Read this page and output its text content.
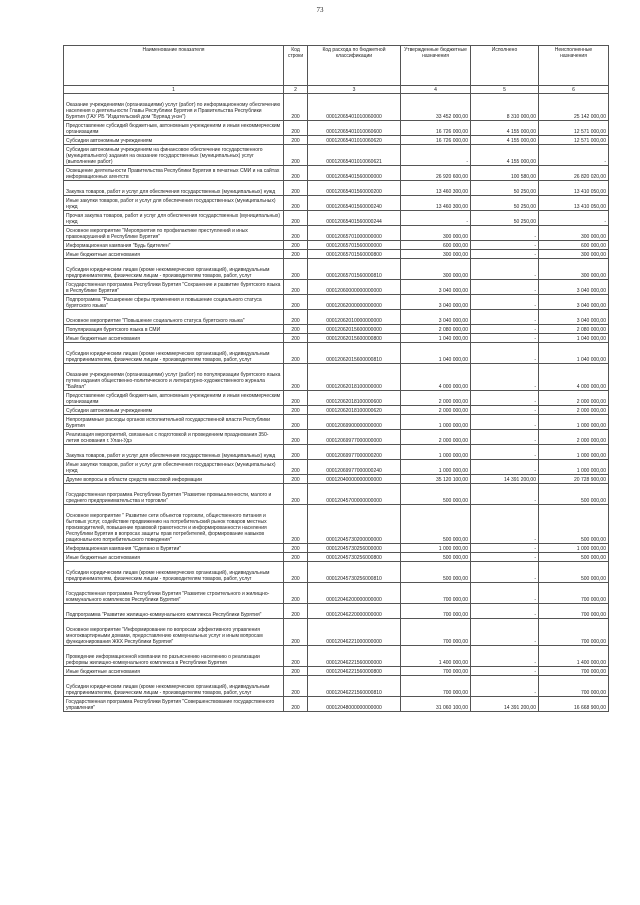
73
Наименование показателя	Код строки	Код расхода по бюджетной классификации	Утвержденные бюджетные назначения	Исполнено	Неисполненные назначения
1	2	3	4	5	6
Оказание учреждениями (организациями) услуг (работ) по информационному обеспечению населения о деятельности Главы Республики Бурятия и Правительства Республики Бурятия (ГАУ РБ "Издательский дом "Буряад унэн")	200	00012065401010060000	33 452 000,00	8 310 000,00	25 142 000,00
Предоставление субсидий бюджетным, автономным учреждениям и иным некоммерческим организациям	200	00012065401010060600	16 726 000,00	4 155 000,00	12 571 000,00
Субсидии автономным учреждениям	200	00012065401010060620	16 726 000,00	4 155 000,00	12 571 000,00
Субсидии автономным учреждениям на финансовое обеспечение государственного (муниципального) задания на оказание государственных (муниципальных) услуг (выполнение работ)	200	00012065401010060621	-	4 155 000,00	-
Освещение деятельности Правительства Республики Бурятия в печатных СМИ и на сайтах информационных агентств	200	00012065401560000000	26 920 600,00	100 580,00	26 820 020,00
Закупка товаров, работ и услуг для обеспечения государственных (муниципальных) нужд	200	00012065401560000200	13 460 300,00	50 250,00	13 410 050,00
Иные закупки товаров, работ и услуг для обеспечения государственных (муниципальных) нужд	200	00012065401560000240	13 460 300,00	50 250,00	13 410 050,00
Прочая закупка товаров, работ и услуг для обеспечения государственных (муниципальных) нужд	200	00012065401560000244	-	50 250,00	-
Основное мероприятие "Мероприятия по профилактике преступлений и иных правонарушений в Республике Бурятия"	200	00012065701000000000	300 000,00	-	300 000,00
Информационная кампания "Будь бдителен"	200	00012065701560000000	600 000,00	-	600 000,00
Иные бюджетные ассигнования	200	00012065701560000800	300 000,00	-	300 000,00
Субсидии юридическим лицам (кроме некоммерческих организаций), индивидуальным предпринимателям, физическим лицам - производителям товаров, работ, услуг	200	00012065701560000810	300 000,00	-	300 000,00
Государственная программа Республики Бурятия "Сохранение и развитие бурятского языка в Республике Бурятия"	200	00012060000000000000	3 040 000,00	-	3 040 000,00
Подпрограмма "Расширение сферы применения и повышение социального статуса бурятского языка"	200	00012062000000000000	3 040 000,00	-	3 040 000,00
Основное мероприятие "Повышение социального статуса бурятского языка"	200	00012062010000000000	3 040 000,00	-	3 040 000,00
Популяризация бурятского языка в СМИ	200	00012062015600000000	2 080 000,00	-	2 080 000,00
Иные бюджетные ассигнования	200	00012062015600000800	1 040 000,00	-	1 040 000,00
Субсидии юридическим лицам (кроме некоммерческих организаций), индивидуальным предпринимателям, физическим лицам - производителям товаров, работ, услуг	200	00012062015600000810	1 040 000,00	-	1 040 000,00
Оказание учреждениями (организациями) услуг (работ) по популяризации бурятского языка путем издания общественно-политического и литературно-художественного журнала "Байгал"	200	00012062018100000000	4 000 000,00	-	4 000 000,00
Предоставление субсидий бюджетным, автономным учреждениям и иным некоммерческим организациям	200	00012062018100000600	2 000 000,00	-	2 000 000,00
Субсидии автономным учреждениям	200	00012062018100000620	2 000 000,00	-	2 000 000,00
Непрограммные расходы органов исполнительной государственной власти Республики Бурятия	200	00012069900000000000	1 000 000,00	-	1 000 000,00
Реализация мероприятий, связанных с подготовкой и проведением празднования 350-летия основания г. Улан-Удэ	200	00012069977000000000	2 000 000,00	-	2 000 000,00
Закупка товаров, работ и услуг для обеспечения государственных (муниципальных) нужд	200	00012069977000000200	1 000 000,00	-	1 000 000,00
Иные закупки товаров, работ и услуг для обеспечения государственных (муниципальных) нужд	200	00012069977000000240	1 000 000,00	-	1 000 000,00
Другие вопросы в области средств массовой информации	200	00012040000000000000	35 120 100,00	14 391 200,00	20 728 900,00
Государственная программа Республики Бурятия "Развитие промышленности, малого и среднего предпринимательства и торговли"	200	00012045700000000000	500 000,00	-	500 000,00
Основное мероприятие " Развитие сети объектов торговли, общественного питания и бытовых услуг, содействие продвижению на потребительский рынок товаров местных производителей, повышение правовой грамотности и информированности населения Республики Бурятия в вопросах защиты прав потребителей, формирование навыков рационального потребительского поведения"	200	00012045730200000000	500 000,00	-	500 000,00
Информационная кампания "Сделано в Бурятии"	200	00012045730256000000	1 000 000,00	-	1 000 000,00
Иные бюджетные ассигнования	200	00012045730256000800	500 000,00	-	500 000,00
Субсидии юридическим лицам (кроме некоммерческих организаций), индивидуальным предпринимателям, физическим лицам - производителям товаров, работ, услуг	200	00012045730256000810	500 000,00	-	500 000,00
Государственная программа Республики Бурятия "Развитие строительного и жилищно-коммунального комплексов Республики Бурятия"	200	00012046200000000000	700 000,00	-	700 000,00
Подпрограмма "Развитие жилищно-коммунального комплекса Республики Бурятия"	200	00012046220000000000	700 000,00	-	700 000,00
Основное мероприятие "Информирование по вопросам эффективного управления многоквартирными домами, предоставлению коммунальных услуг и иным вопросам функционирования ЖКХ Республики Бурятия"	200	00012046221000000000	700 000,00	-	700 000,00
Проведение информационной компании по разъяснению населению о реализации реформы жилищно-коммунального комплекса в Республике Бурятия	200	00012046221560000000	1 400 000,00	-	1 400 000,00
Иные бюджетные ассигнования	200	00012046221560000800	700 000,00	-	700 000,00
Субсидии юридическим лицам (кроме некоммерческих организаций), индивидуальным предпринимателям, физическим лицам - производителям товаров, работ, услуг	200	00012046221560000810	700 000,00	-	700 000,00
Государственная программа Республики Бурятия "Совершенствование государственного управления"	200	00012048000000000000	31 060 100,00	14 391 200,00	16 668 900,00
